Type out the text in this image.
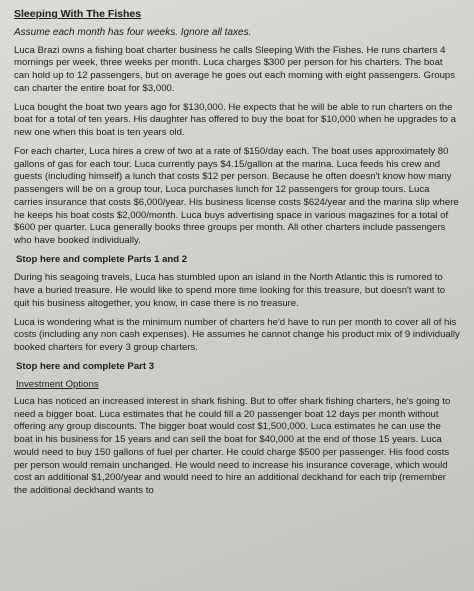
Sleeping With The Fishes
Assume each month has four weeks. Ignore all taxes.

Luca Brazi owns a fishing boat charter business he calls Sleeping With the Fishes. He runs charters 4 mornings per week, three weeks per month. Luca charges $300 per person for his charters. The boat can hold up to 12 passengers, but on average he goes out each morning with eight passengers. Groups can charter the entire boat for $3,000.

Luca bought the boat two years ago for $130,000. He expects that he will be able to run charters on the boat for a total of ten years. His daughter has offered to buy the boat for $10,000 when he upgrades to a new one when this boat is ten years old.

For each charter, Luca hires a crew of two at a rate of $150/day each. The boat uses approximately 80 gallons of gas for each tour. Luca currently pays $4.15/gallon at the marina. Luca feeds his crew and guests (including himself) a lunch that costs $12 per person. Because he often doesn't know how many passengers will be on a group tour, Luca purchases lunch for 12 passengers for group tours. Luca carries insurance that costs $6,000/year. His business license costs $624/year and the marina slip where he keeps his boat costs $2,000/month. Luca buys advertising space in various magazines for a total of $600 per quarter. Luca generally books three groups per month. All other charters include passengers who have booked individually.

Stop here and complete Parts 1 and 2

During his seagoing travels, Luca has stumbled upon an island in the North Atlantic this is rumored to have a buried treasure. He would like to spend more time looking for this treasure, but doesn't want to quit his business altogether, you know, in case there is no treasure.

Luca is wondering what is the minimum number of charters he'd have to run per month to cover all of his costs (including any non cash expenses). He assumes he cannot change his product mix of 9 individually booked charters for every 3 group charters.

Stop here and complete Part 3
Investment Options

Luca has noticed an increased interest in shark fishing. But to offer shark fishing charters, he's going to need a bigger boat. Luca estimates that he could fill a 20 passenger boat 12 days per month without offering any group discounts. The bigger boat would cost $1,500,000. Luca estimates he can use the boat in his business for 15 years and can sell the boat for $40,000 at the end of those 15 years. Luca would need to buy 150 gallons of fuel per charter. He could charge $500 per passenger. His food costs per person would remain unchanged. He would need to increase his insurance coverage, which would cost an additional $1,200/year and would need to hire an additional deckhand for each trip (remember the additional deckhand wants to
